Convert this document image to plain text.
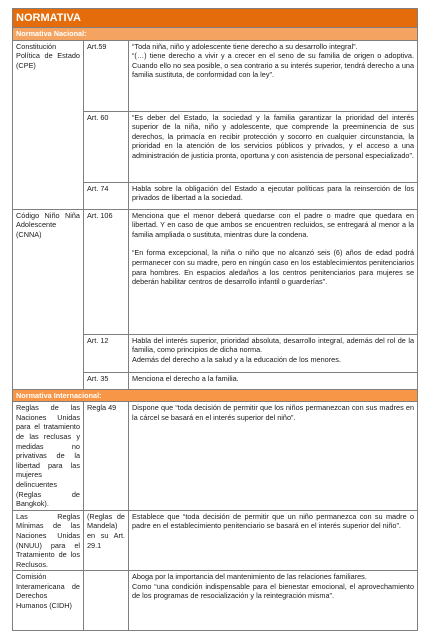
NORMATIVA		
Normativa Nacional:		
Constitución Política de Estado (CPE)	Art.59	“Toda niña, niño y adolescente tiene derecho a su desarrollo integral”.

“(…) tiene derecho a vivir y a crecer en el seno de su familia de origen o adoptiva. Cuando ello no sea posible, o sea contrario a su interés superior, tendrá derecho a una familia sustituta, de conformidad con la ley”.

	Art. 60	“Es deber del Estado, la sociedad y la familia garantizar la prioridad del interés superior de la niña, niño y adolescente, que comprende la preeminencia de sus derechos, la primacía en recibir protección y socorro en cualquier circunstancia, la prioridad en la atención de los servicios públicos y privados, y el acceso a una administración de justicia pronta, oportuna y con asistencia de personal especializado”.

	Art. 74	Habla sobre la obligación del Estado a ejecutar políticas para la reinserción de los privados de libertad a la sociedad.

Código Niño Niña Adolescente (CNNA)	Art. 106	Menciona que el menor deberá quedarse con el padre o madre que quedara en libertad. Y en caso de que ambos se encuentren recluidos, se entregará al menor a la familia ampliada o sustituta, mientras dure la condena.

“En forma excepcional, la niña o niño que no alcanzó seis (6) años de edad podrá permanecer con su madre, pero en ningún caso en los establecimientos penitenciarios para hombres. En espacios aledaños a los centros penitenciarios para mujeres se deberán habilitar centros de desarrollo infantil o guarderías”.

	Art. 12	Habla del interés superior, prioridad absoluta, desarrollo integral, además del rol de la familia, como principios de dicha norma.

Además del derecho a la salud y a la educación de los menores.

	Art. 35	Menciona el derecho a la familia.

Normativa Internacional:		
Reglas de las Naciones Unidas para el tratamiento de las reclusas y medidas no privativas de la libertad para las mujeres delincuentes (Reglas de Bangkok).	Regla 49	Dispone que “toda decisión de permitir que los niños permanezcan con sus madres en la cárcel se basará en el interés superior del niño”.

Las Reglas Mínimas de las Naciones Unidas (NNUU) para el Tratamiento de los Reclusos.	(Reglas de Mandela) en su Art. 29.1	Establece que “toda decisión de permitir que un niño permanezca con su madre o padre en el establecimiento penitenciario se basará en el interés superior del niño”.

Comisión Interamericana de Derechos Humanos (CIDH)		Aboga por la importancia del mantenimiento de las relaciones familiares.

Como “una condición indispensable para el bienestar emocional, el aprovechamiento de los programas de resocialización y la reintegración misma”.
